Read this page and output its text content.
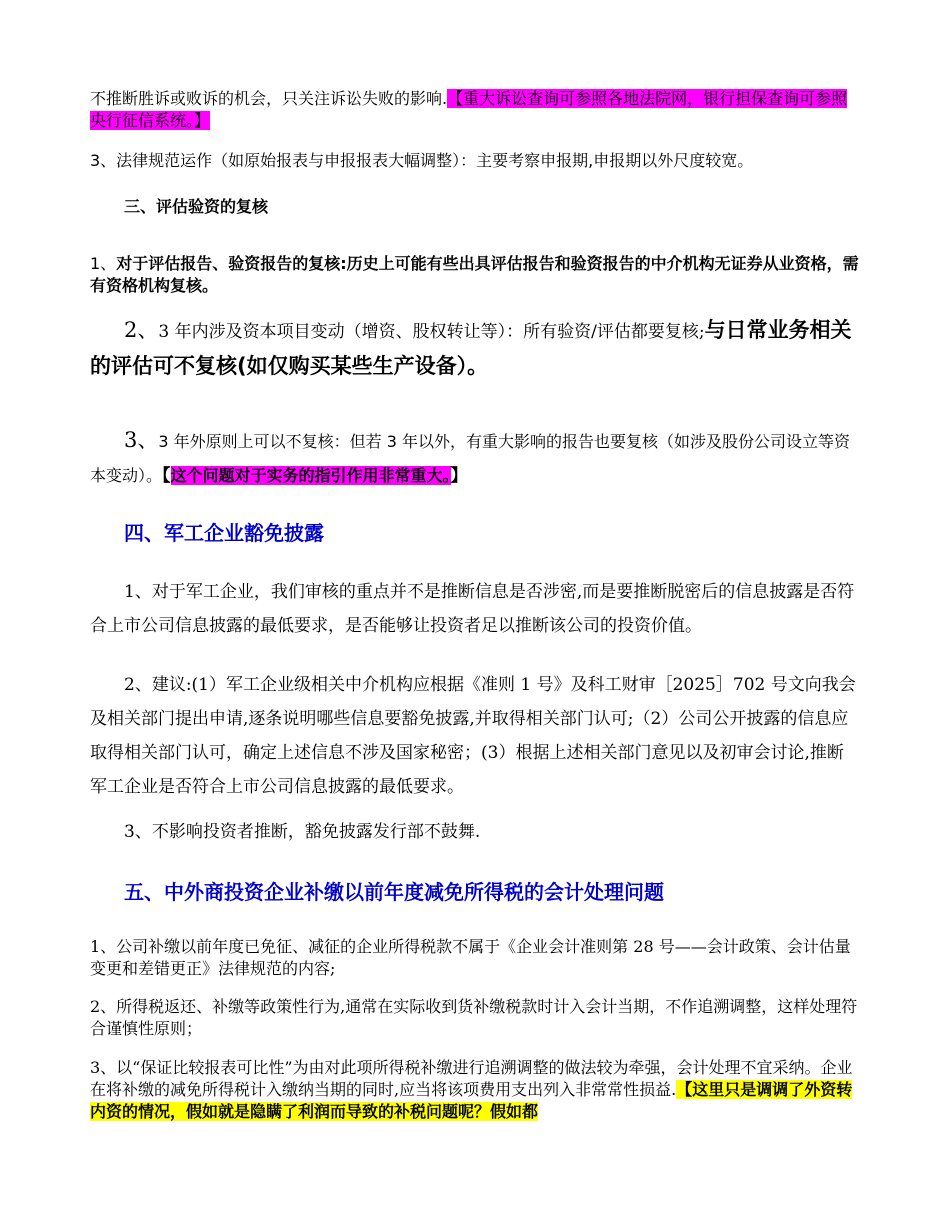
不推断胜诉或败诉的机会，只关注诉讼失败的影响.【重大诉讼查询可参照各地法院网，银行担保查询可参照央行征信系统。】

3、法律规范运作（如原始报表与申报报表大幅调整）：主要考察申报期,申报期以外尺度较宽。

三、评估验资的复核

1、对于评估报告、验资报告的复核:历史上可能有些出具评估报告和验资报告的中介机构无证券从业资格，需有资格机构复核。

2、3 年内涉及资本项目变动（增资、股权转让等）：所有验资/评估都要复核;与日常业务相关的评估可不复核(如仅购买某些生产设备）。

3、3 年外原则上可以不复核：但若 3 年以外，有重大影响的报告也要复核（如涉及股份公司设立等资本变动）。【这个问题对于实务的指引作用非常重大。】

四、军工企业豁免披露

1、对于军工企业，我们审核的重点并不是推断信息是否涉密,而是要推断脱密后的信息披露是否符合上市公司信息披露的最低要求，是否能够让投资者足以推断该公司的投资价值。

2、建议:(1）军工企业级相关中介机构应根据《准则 1 号》及科工财审［2025］702 号文向我会及相关部门提出申请,逐条说明哪些信息要豁免披露,并取得相关部门认可;（2）公司公开披露的信息应取得相关部门认可，确定上述信息不涉及国家秘密；(3）根据上述相关部门意见以及初审会讨论,推断军工企业是否符合上市公司信息披露的最低要求。

3、不影响投资者推断，豁免披露发行部不鼓舞.

五、中外商投资企业补缴以前年度减免所得税的会计处理问题

1、公司补缴以前年度已免征、减征的企业所得税款不属于《企业会计准则第 28 号——会计政策、会计估量变更和差错更正》法律规范的内容;

2、所得税返还、补缴等政策性行为,通常在实际收到货补缴税款时计入会计当期，不作追溯调整，这样处理符合谨慎性原则；

3、以“保证比较报表可比性”为由对此项所得税补缴进行追溯调整的做法较为牵强，会计处理不宜采纳。企业在将补缴的减免所得税计入缴纳当期的同时,应当将该项费用支出列入非常常性损益.【这里只是调调了外资转内资的情况，假如就是隐瞒了利润而导致的补税问题呢？假如都
